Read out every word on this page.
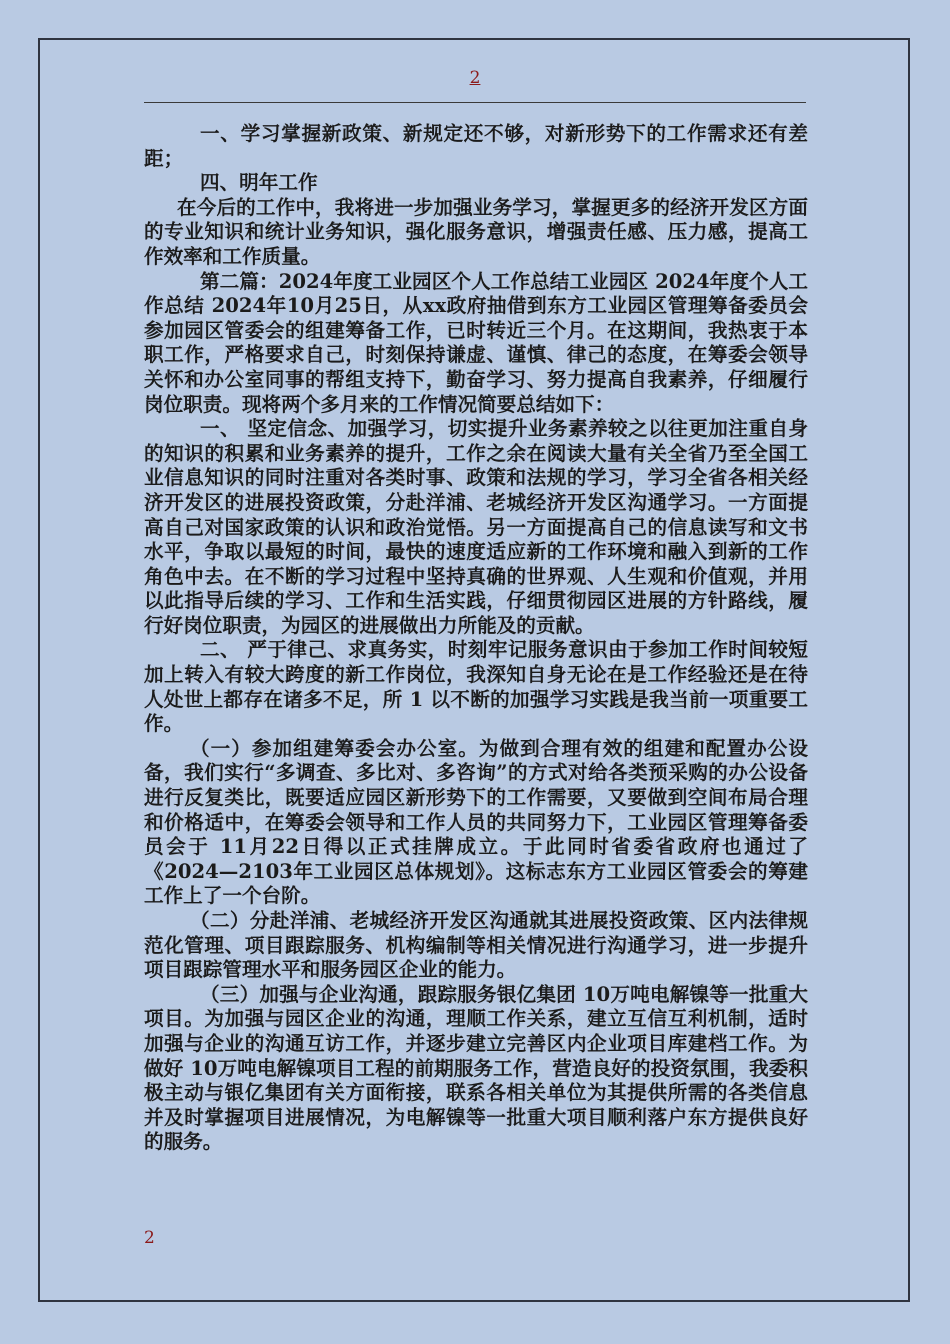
2

一、学习掌握新政策、新规定还不够，对新形势下的工作需求还有差距；

四、明年工作

在今后的工作中，我将进一步加强业务学习，掌握更多的经济开发区方面的专业知识和统计业务知识，强化服务意识，增强责任感、压力感，提高工作效率和工作质量。

第二篇：2024年度工业园区个人工作总结工业园区 2024年度个人工作总结 2024年10月25日，从xx政府抽借到东方工业园区管理筹备委员会参加园区管委会的组建筹备工作，已时转近三个月。在这期间，我热衷于本职工作，严格要求自己，时刻保持谦虚、谨慎、律己的态度，在筹委会领导关怀和办公室同事的帮组支持下，勤奋学习、努力提高自我素养，仔细履行岗位职责。现将两个多月来的工作情况简要总结如下：

一、 坚定信念、加强学习，切实提升业务素养较之以往更加注重自身的知识的积累和业务素养的提升，工作之余在阅读大量有关全省乃至全国工业信息知识的同时注重对各类时事、政策和法规的学习，学习全省各相关经济开发区的进展投资政策，分赴洋浦、老城经济开发区沟通学习。一方面提高自己对国家政策的认识和政治觉悟。另一方面提高自己的信息读写和文书水平，争取以最短的时间，最快的速度适应新的工作环境和融入到新的工作角色中去。在不断的学习过程中坚持真确的世界观、人生观和价值观，并用以此指导后续的学习、工作和生活实践，仔细贯彻园区进展的方针路线，履行好岗位职责，为园区的进展做出力所能及的贡献。

二、 严于律己、求真务实，时刻牢记服务意识由于参加工作时间较短加上转入有较大跨度的新工作岗位，我深知自身无论在是工作经验还是在待人处世上都存在诸多不足，所 1 以不断的加强学习实践是我当前一项重要工作。

（一）参加组建筹委会办公室。为做到合理有效的组建和配置办公设备，我们实行“多调查、多比对、多咨询”的方式对给各类预采购的办公设备进行反复类比，既要适应园区新形势下的工作需要，又要做到空间布局合理和价格适中，在筹委会领导和工作人员的共同努力下，工业园区管理筹备委员会于 11月22日得以正式挂牌成立。于此同时省委省政府也通过了《2024—2103年工业园区总体规划》。这标志东方工业园区管委会的筹建工作上了一个台阶。

（二）分赴洋浦、老城经济开发区沟通就其进展投资政策、区内法律规范化管理、项目跟踪服务、机构编制等相关情况进行沟通学习，进一步提升项目跟踪管理水平和服务园区企业的能力。

（三）加强与企业沟通，跟踪服务银亿集团 10万吨电解镍等一批重大项目。为加强与园区企业的沟通，理顺工作关系，建立互信互利机制，适时加强与企业的沟通互访工作，并逐步建立完善区内企业项目库建档工作。为做好 10万吨电解镍项目工程的前期服务工作，营造良好的投资氛围，我委积极主动与银亿集团有关方面衔接，联系各相关单位为其提供所需的各类信息并及时掌握项目进展情况，为电解镍等一批重大项目顺利落户东方提供良好的服务。

2
